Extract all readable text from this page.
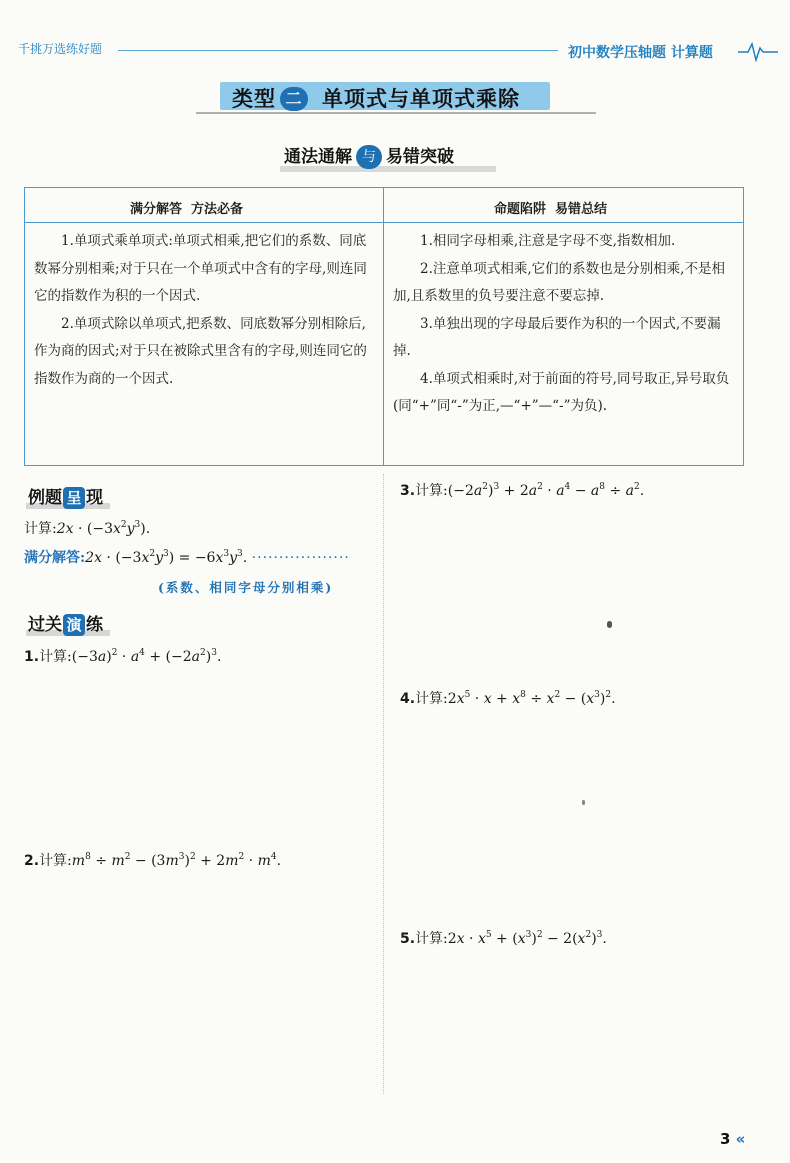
千挑万选练好题	初中数学压轴题 计算题
类型 二 单项式与单项式乘除
通法通解 与 易错突破
满分解答  方法必备	命题陷阱  易错总结

1.单项式乘单项式:单项式相乘,把它们的系数、同底数幂分别相乘;对于只在一个单项式中含有的字母,则连同它的指数作为积的一个因式.

2.单项式除以单项式,把系数、同底数幂分别相除后,作为商的因式;对于只在被除式里含有的字母,则连同它的指数作为商的一个因式.

1.相同字母相乘,注意是字母不变,指数相加.

2.注意单项式相乘,它们的系数也是分别相乘,不是相加,且系数里的负号要注意不要忘掉.

3.单独出现的字母最后要作为积的一个因式,不要漏掉.

4.单项式相乘时,对于前面的符号,同号取正,异号取负(同“+”同“-”为正,—“+”—“-”为负).

例题 呈 现
计算:2x · $(-3x^2y^3)$.
满分解答:2x · $(-3x^2y^3) = -6x^3y^3$. ··················
(系数、相同字母分别相乘)
过关 演 练
1.计算$:(-3a)^2 \cdot a^4 + (-2a^2)^3$.
2.计算$:m^8 \div m^2 - (3m^3)^2 + 2m^2 \cdot m^4$.
3.计算$:(-2a^2)^3 + 2a^2 \cdot a^4 - a^8 \div a^2$.
4.计算$:2x^5 \cdot x + x^8 \div x^2 - (x^3)^2$.
5.计算:2x · $x^5 + (x^3)^2 - 2(x^2)^3$.
3 «
